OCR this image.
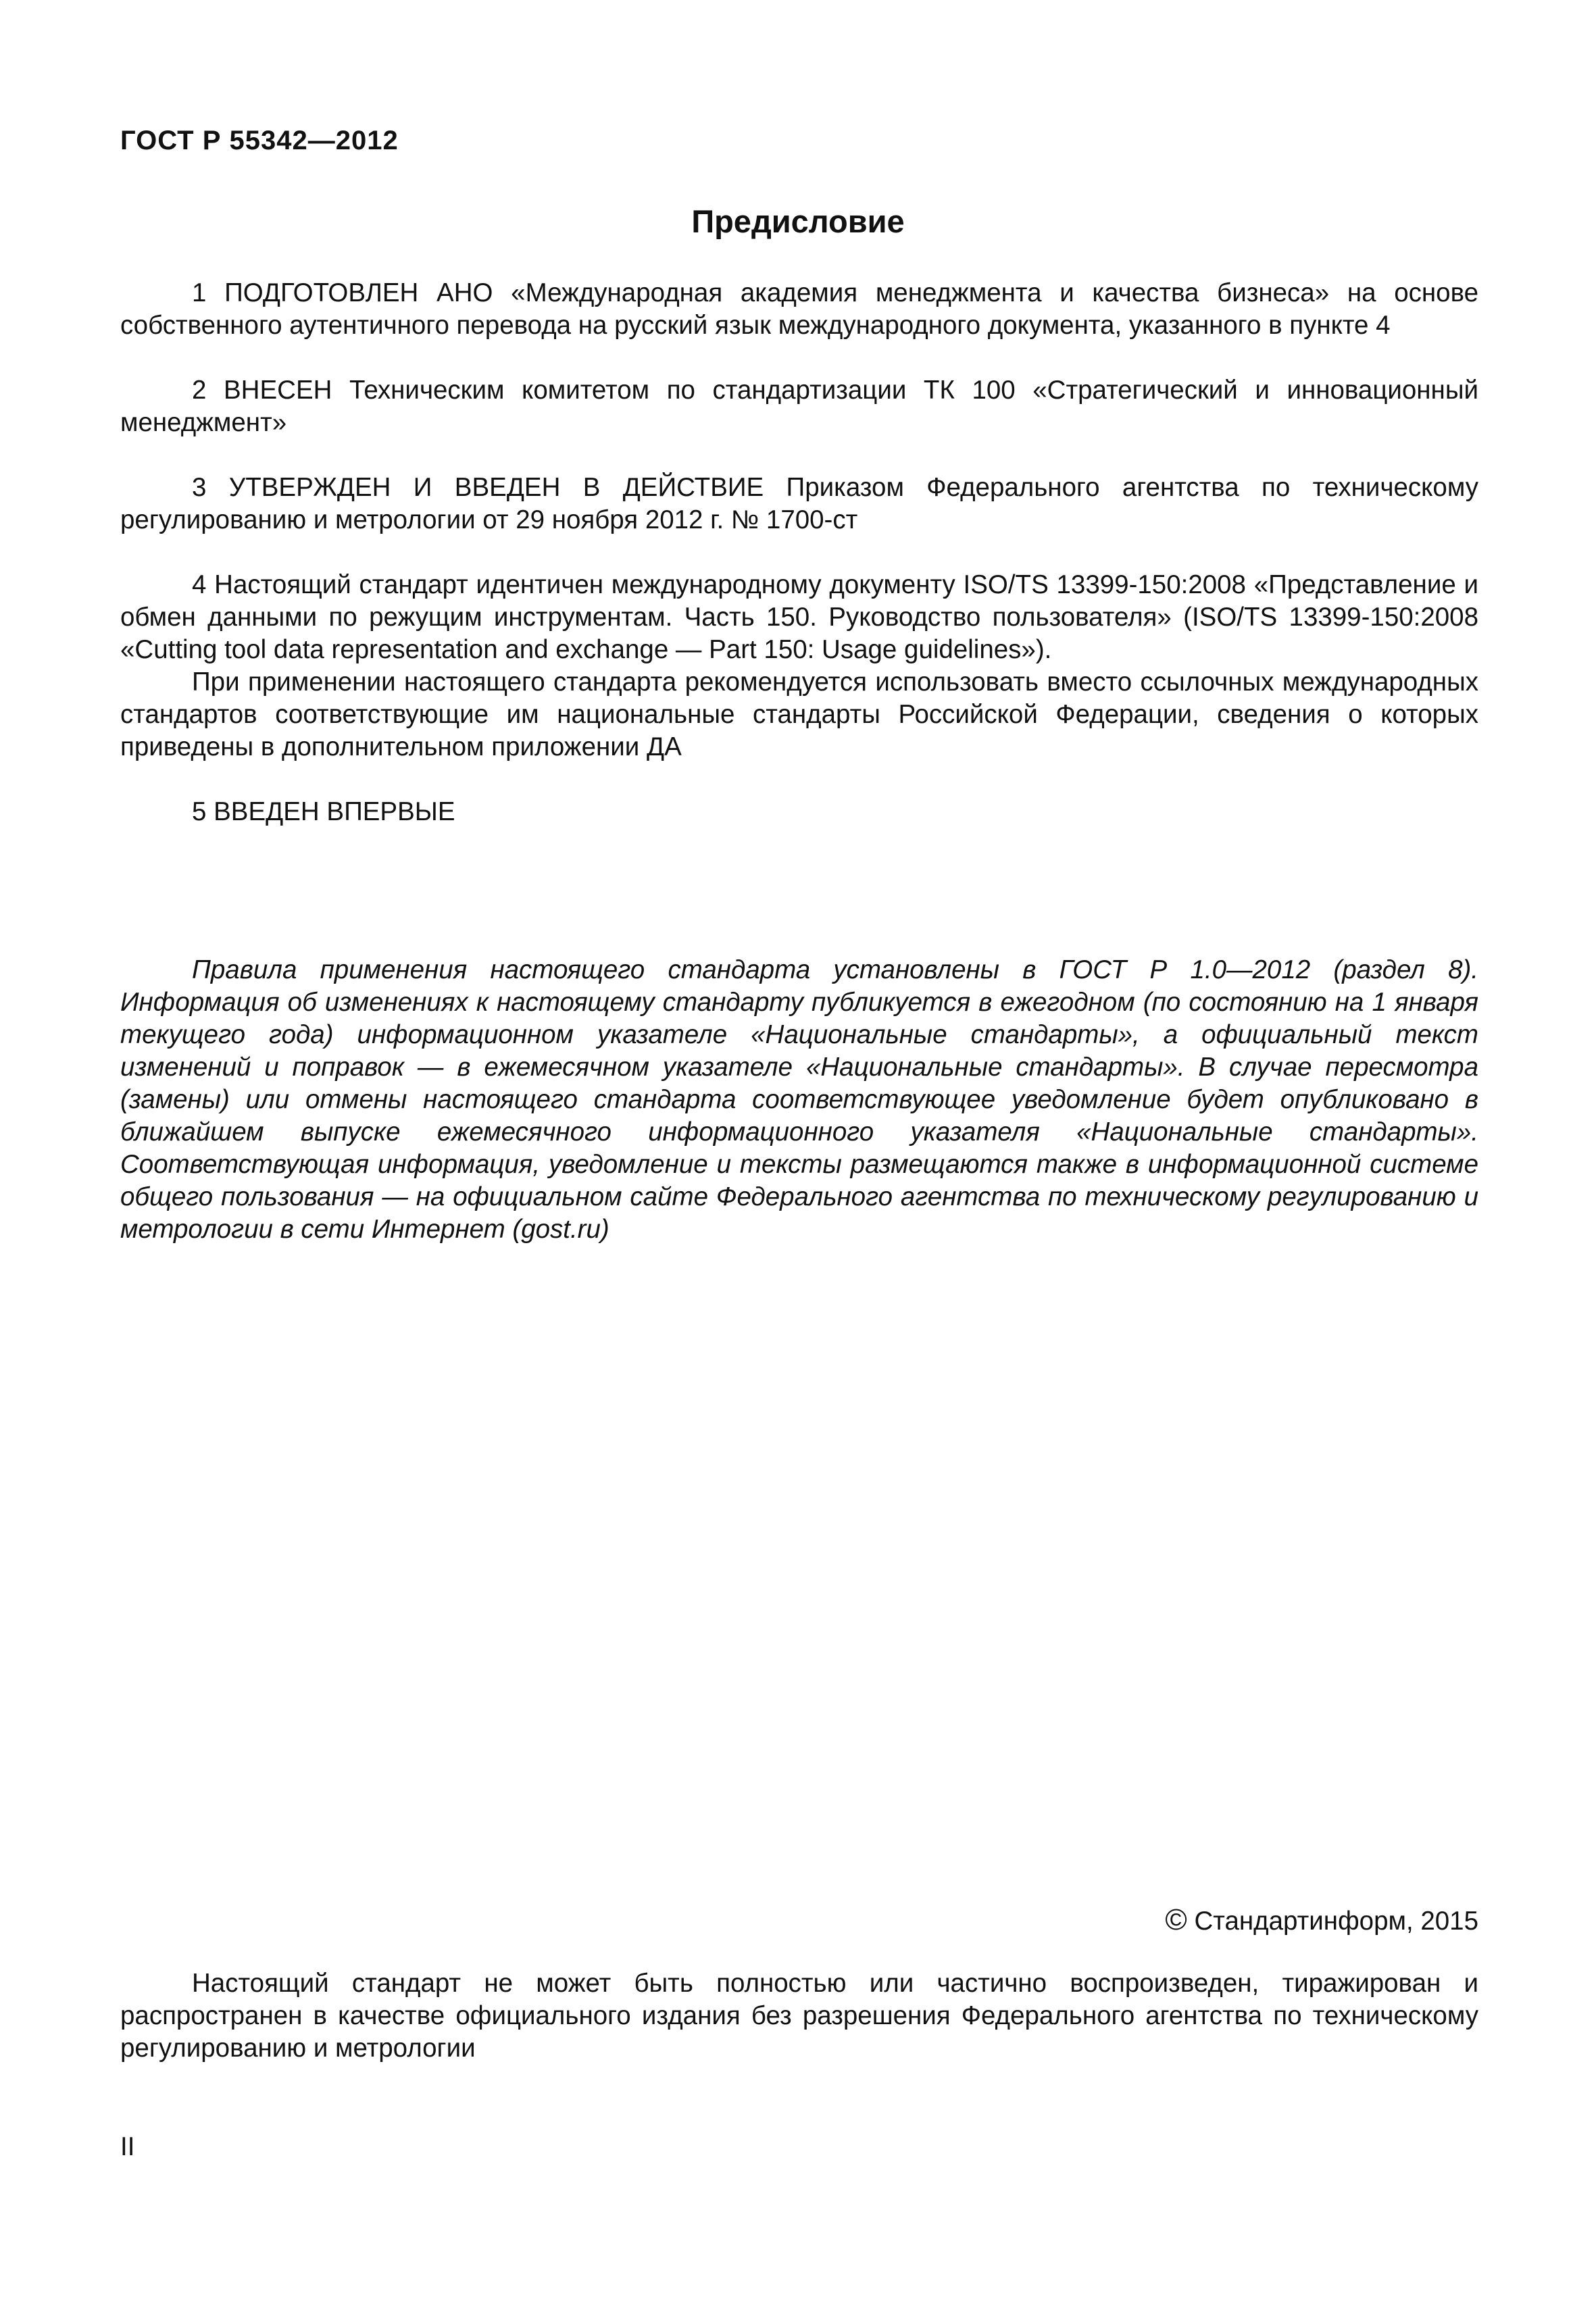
ГОСТ Р 55342—2012
Предисловие

1 ПОДГОТОВЛЕН АНО «Международная академия менеджмента и качества бизнеса» на основе собственного аутентичного перевода на русский язык международного документа, указанного в пункте 4

2 ВНЕСЕН Техническим комитетом по стандартизации ТК 100 «Стратегический и инновационный менеджмент»

3 УТВЕРЖДЕН И ВВЕДЕН В ДЕЙСТВИЕ Приказом Федерального агентства по техническому регулированию и метрологии от 29 ноября 2012 г. № 1700-ст

4 Настоящий стандарт идентичен международному документу ISO/TS 13399-150:2008 «Представление и обмен данными по режущим инструментам. Часть 150. Руководство пользователя» (ISO/TS 13399-150:2008 «Cutting tool data representation and exchange — Part 150: Usage guidelines»).

При применении настоящего стандарта рекомендуется использовать вместо ссылочных международных стандартов соответствующие им национальные стандарты Российской Федерации, сведения о которых приведены в дополнительном приложении ДА

5 ВВЕДЕН ВПЕРВЫЕ

Правила применения настоящего стандарта установлены в ГОСТ Р 1.0—2012 (раздел 8). Информация об изменениях к настоящему стандарту публикуется в ежегодном (по состоянию на 1 января текущего года) информационном указателе «Национальные стандарты», а официальный текст изменений и поправок — в ежемесячном указателе «Национальные стандарты». В случае пересмотра (замены) или отмены настоящего стандарта соответствующее уведомление будет опубликовано в ближайшем выпуске ежемесячного информационного указателя «Национальные стандарты». Соответствующая информация, уведомление и тексты размещаются также в информационной системе общего пользования — на официальном сайте Федерального агентства по техническому регулированию и метрологии в сети Интернет (gost.ru)

© Стандартинформ, 2015

Настоящий стандарт не может быть полностью или частично воспроизведен, тиражирован и распространен в качестве официального издания без разрешения Федерального агентства по техническому регулированию и метрологии

II
